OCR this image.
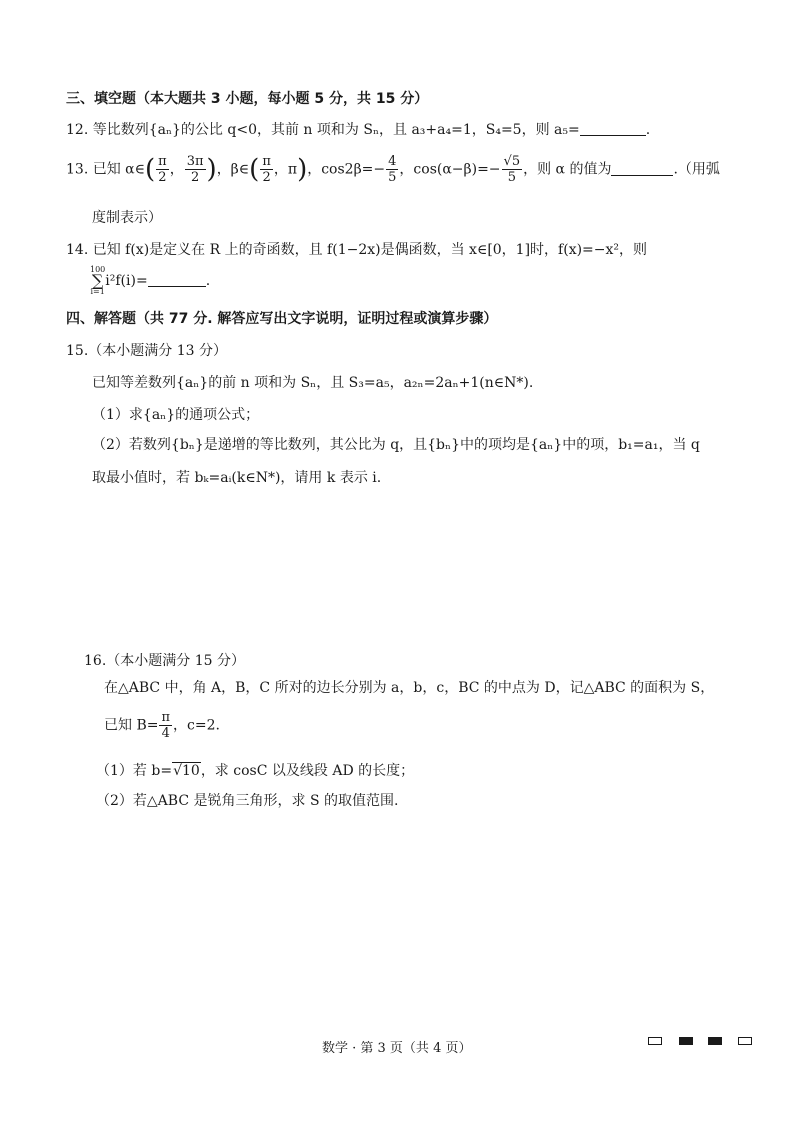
三、填空题（本大题共 3 小题，每小题 5 分，共 15 分）
12. 等比数列{aₙ}的公比 q<0，其前 n 项和为 Sₙ，且 a₃+a₄=1，S₄=5，则 a₅=	.
13. 已知 α∈( $\frac{\pi}{2}$ ， $\frac{3\pi}{2}$ )，β∈( $\frac{\pi}{2}$ ，π)，$\cos 2\beta=- \frac{4}{5}$ ，$\cos(\alpha-\beta)=- \frac{√5}{5}$ ，则 α 的值为	.（用弧
度制表示）
14. 已知 f(x)是定义在 R 上的奇函数，且 f(1−2x)是偶函数，当 x∈[0，1]时，f(x)=−x²，则
100
∑
i=1i²f(i)=	.
四、解答题（共 77 分. 解答应写出文字说明，证明过程或演算步骤）
15.（本小题满分 13 分）
已知等差数列{aₙ}的前 n 项和为 Sₙ，且 S₃=a₅，a₂ₙ=2aₙ+1(n∈N*).
（1）求{aₙ}的通项公式；
（2）若数列{bₙ}是递增的等比数列，其公比为 q，且{bₙ}中的项均是{aₙ}中的项，b₁=a₁，当 q
取最小值时，若 bₖ=aᵢ(k∈N*)，请用 k 表示 i.
16.（本小题满分 15 分）
在△ABC 中，角 A，B，C 所对的边长分别为 a，b，c，BC 的中点为 D，记△ABC 的面积为 S，
已知 $B= \frac{\pi}{4}$ ，c=2.
（1）若 b=√10，求 cosC 以及线段 AD 的长度；
（2）若△ABC 是锐角三角形，求 S 的取值范围.
数学 · 第 3 页（共 4 页）
